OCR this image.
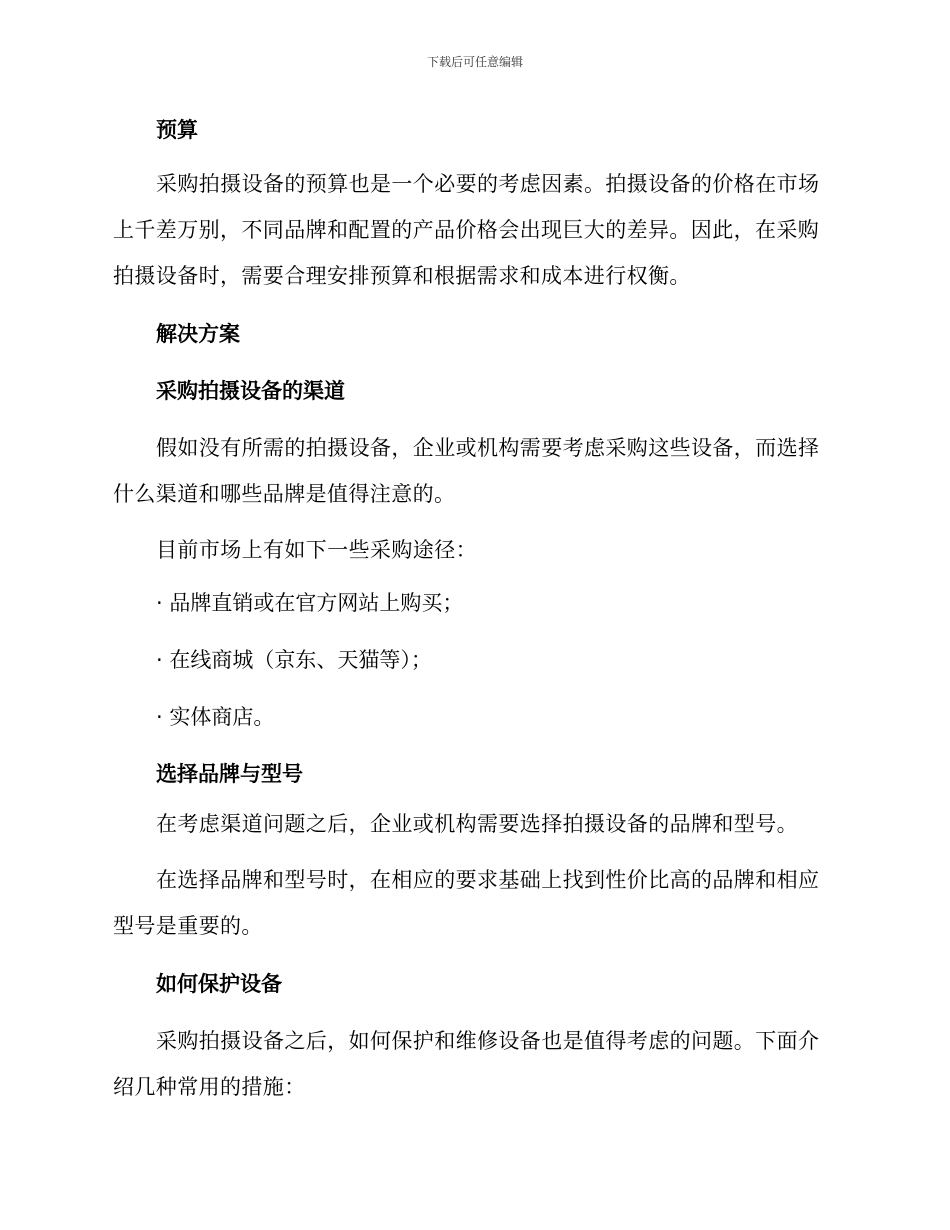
下载后可任意编辑

预算

采购拍摄设备的预算也是一个必要的考虑因素。拍摄设备的价格在市场上千差万别，不同品牌和配置的产品价格会出现巨大的差异。因此，在采购拍摄设备时，需要合理安排预算和根据需求和成本进行权衡。

解决方案

采购拍摄设备的渠道

假如没有所需的拍摄设备，企业或机构需要考虑采购这些设备，而选择什么渠道和哪些品牌是值得注意的。

目前市场上有如下一些采购途径：

· 品牌直销或在官方网站上购买；

· 在线商城（京东、天猫等）；

· 实体商店。

选择品牌与型号

在考虑渠道问题之后，企业或机构需要选择拍摄设备的品牌和型号。

在选择品牌和型号时，在相应的要求基础上找到性价比高的品牌和相应型号是重要的。

如何保护设备

采购拍摄设备之后，如何保护和维修设备也是值得考虑的问题。下面介绍几种常用的措施：
